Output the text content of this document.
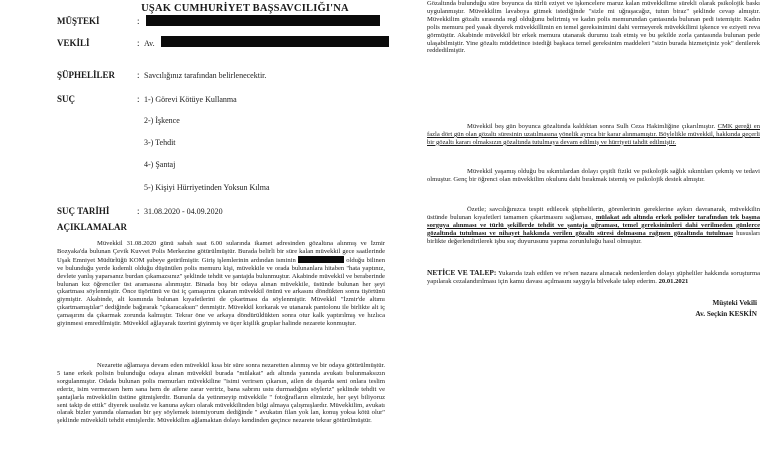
UŞAK CUMHURİYET BAŞSAVCILIĞI'NA
MÜŞTEKİ	:
VEKİLİ	: Av.
ŞÜPHELİLER : Savcılığınız tarafından belirlenecektir.
SUÇ	: 1-) Görevi Kötüye Kullanma
2-) İşkence
3-) Tehdit
4-) Şantaj
5-) Kişiyi Hürriyetinden Yoksun Kılma
SUÇ TARİHİ	: 31.08.2020 - 04.09.2020
AÇIKLAMALAR
Müvekkil 31.08.2020 günü sabah saat 6.00 sularında ikamet adresinden gözaltına alınmış ve İzmir Bozyaka'da bulunan Çevik Kuvvet Polis Merkezine götürülmüştür. Burada belirli bir süre kalan müvekkil gece saatlerinde Uşak Emniyet Müdürlüğü KOM şubeye getirilmiştir. Giriş işlemlerinin ardından isminin	olduğu bilinen ve bulunduğu yerde kıdemli olduğu düşünülen polis memuru kişi, müvekkile ve orada bulunanlara hitaben "hata yaptınız, devlete yanlış yaparsanız burdan çıkamazsınız" şeklinde tehdit ve şantajda bulunmuştur. Akabinde müvekkil ve beraberinde bulunan kız öğrenciler üst aramasına alınmıştır. Binada boş bir odaya alınan müvekkile, üstünde bulunan her şeyi çıkartması söylenmiştir. Önce tişörtünü ve üst iç çamaşırını çıkaran müvekkil önünü ve arkasını döndükten sonra tişörtünü giymiştir. Akabinde, alt kısmında bulunan kıyafetlerini de çıkartması da söylenmiştir. Müvekkil "İzmir'de altımı çıkartmamıştılar" dediğinde bağırarak "çıkaracaksın" denmiştir. Müvekkil korkarak ve utanarak pantolonu ile birlikte alt iç çamaşırını da çıkarmak zorunda kalmıştır. Tekrar öne ve arkaya döndürüldükten sonra otur kalk yaptırılmış ve hızlıca giyinmesi emredilmiştir. Müvekkil ağlayarak üzerini giyinmiş ve üçer kişilik gruplar halinde nezarete konmuştur.
Nezarette ağlamaya devam eden müvekkil kısa bir süre sonra nezaretten alınmış ve bir odaya götürülmüştür. 5 tane erkek polisin bulunduğu odaya alınan müvekkil burada "mülakat" adı altında yanında avukatı bulunmaksızın sorgulanmıştır. Odada bulunan polis memurları müvekkiline "isimi verirsen çıkarsın, ailen de dışarda seni onlara teslim ederiz, isim vermezsen hem sana hem de ailene zarar veririz, bana sabrını ustu durmadığını söyleriz" şeklinde tehdit ve şantajlarla müvekkilin üstüne gitmişlerdir. Bununla da yetinmeyip müvekkile " fotoğrafların elimizde, her şeyi biliyoruz seni takip de ettik" diyerek usulsüz ve kanuna aykırı olarak müvekkilinden bilgi almaya çalışmışlardır. Müvekkilim, avukatı olarak bizler yanında olamadan bir şey söylemek istemiyorum dediğinde " avukatın filan yok lan, konuş yoksa kötü olur" şeklinde müvekkili tehdit etmişlerdir. Müvekkilim ağlamaktan dolayı kendinden geçince nezarete tekrar götürülmüştür.
Gözaltında bulunduğu süre boyunca da türlü eziyet ve işkencelere maruz kalan müvekkilime sürekli olarak psikolojik baskı uygulanmıştır. Müvekkilim lavaboya gitmek istediğinde "sizle mi uğraşacağız, tutun biraz" şeklinde cevap almıştır. Müvekkilim gözaltı sırasında regl olduğunu belirtmiş ve kadın polis memurundan çantasında bulunan pedi istemiştir. Kadın polis memuru ped yasak diyerek müvekkillimin en temel gereksinimini dahi vermeyerek müvekkilimi işkence ve eziyeti reva görmüştür. Akabinde müvekkil bir erkek memura utanarak durumu izah etmiş ve bu şekilde zorla çantasında bulunan pede ulaşabilmiştir. Yine gözaltı müddetince istediği başkaca temel gereksinim maddeleri "sizin burada hizmetçiniz yok" denilerek reddedilmiştir.
Müvekkil beş gün boyunca gözaltında kaldıktan sonra Sulh Ceza Hakimliğine çıkarılmıştır. CMK gereği en fazla dört gün olan gözaltı süresinin uzatılmasına yönelik ayrıca bir karar alınmamıştır. Böylelikle müvekkil, hakkında geçerli bir gözaltı kararı olmaksızın gözaltında tutulmaya devam edilmiş ve hürriyeti tahdit edilmiştir.
Müvekkil yaşamış olduğu bu sıkıntılardan dolayı çeşitli fiziki ve psikolojik sağlık sıkıntıları çekmiş ve tedavi olmuştur. Genç bir öğrenci olan müvekkilim okulunu dahi bırakmak istemiş ve psikolojik destek almıştır.
Özetle; savcılığınızca tespit edilecek şüphelilerin, görenlerinin gereklerine aykırı davranarak, müvekkilin üstünde bulunan kıyafetleri tamamen çıkartmasını sağlaması, mülakat adı altında erkek polisler tarafından tek başına sorguya alınması ve türlü şekillerde tehdit ve şantaja uğraması, temel gereksinimleri dahi verilmeden günlerce gözaltında tutulması ve nihayet hakkında verilen gözaltı süresi dolmasına rağmen gözaltında tutulması hususları birlikte değerlendirilerek işbu suç duyurusunu yapma zorunluluğu hasıl olmuştur.
NETİCE VE TALEP: Yukarıda izah edilen ve re'sen nazara alınacak nedenlerden dolayı şüpheliler hakkında soruşturma yapılarak cezalandırılması için kamu davası açılmasını saygıyla bilvekale talep ederim. 20.01.2021
Müşteki Vekili
Av. Seçkin KESKİN
